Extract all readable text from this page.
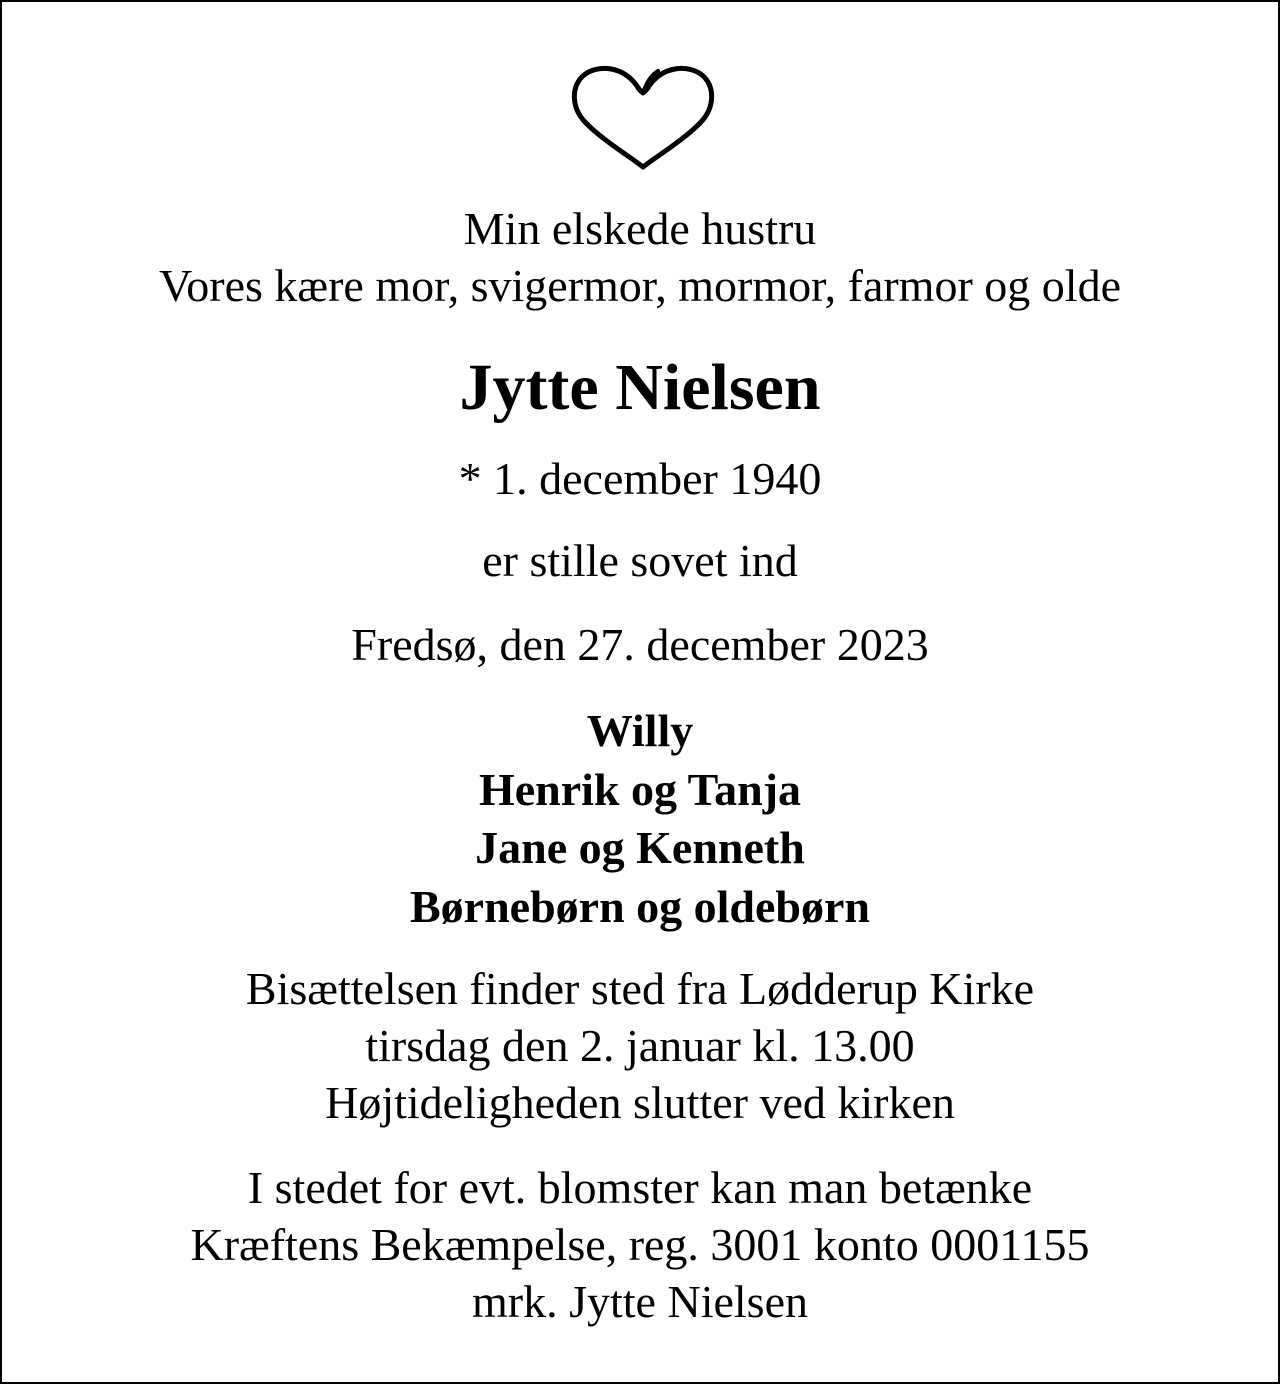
Min elskede hustru
Vores kære mor, svigermor, mormor, farmor og olde
Jytte Nielsen
* 1. december 1940
er stille sovet ind
Fredsø, den 27. december 2023
Willy
Henrik og Tanja
Jane og Kenneth
Børnebørn og oldebørn
Bisættelsen finder sted fra Lødderup Kirke
tirsdag den 2. januar kl. 13.00
Højtideligheden slutter ved kirken
I stedet for evt. blomster kan man betænke
Kræftens Bekæmpelse, reg. 3001 konto 0001155
mrk. Jytte Nielsen
